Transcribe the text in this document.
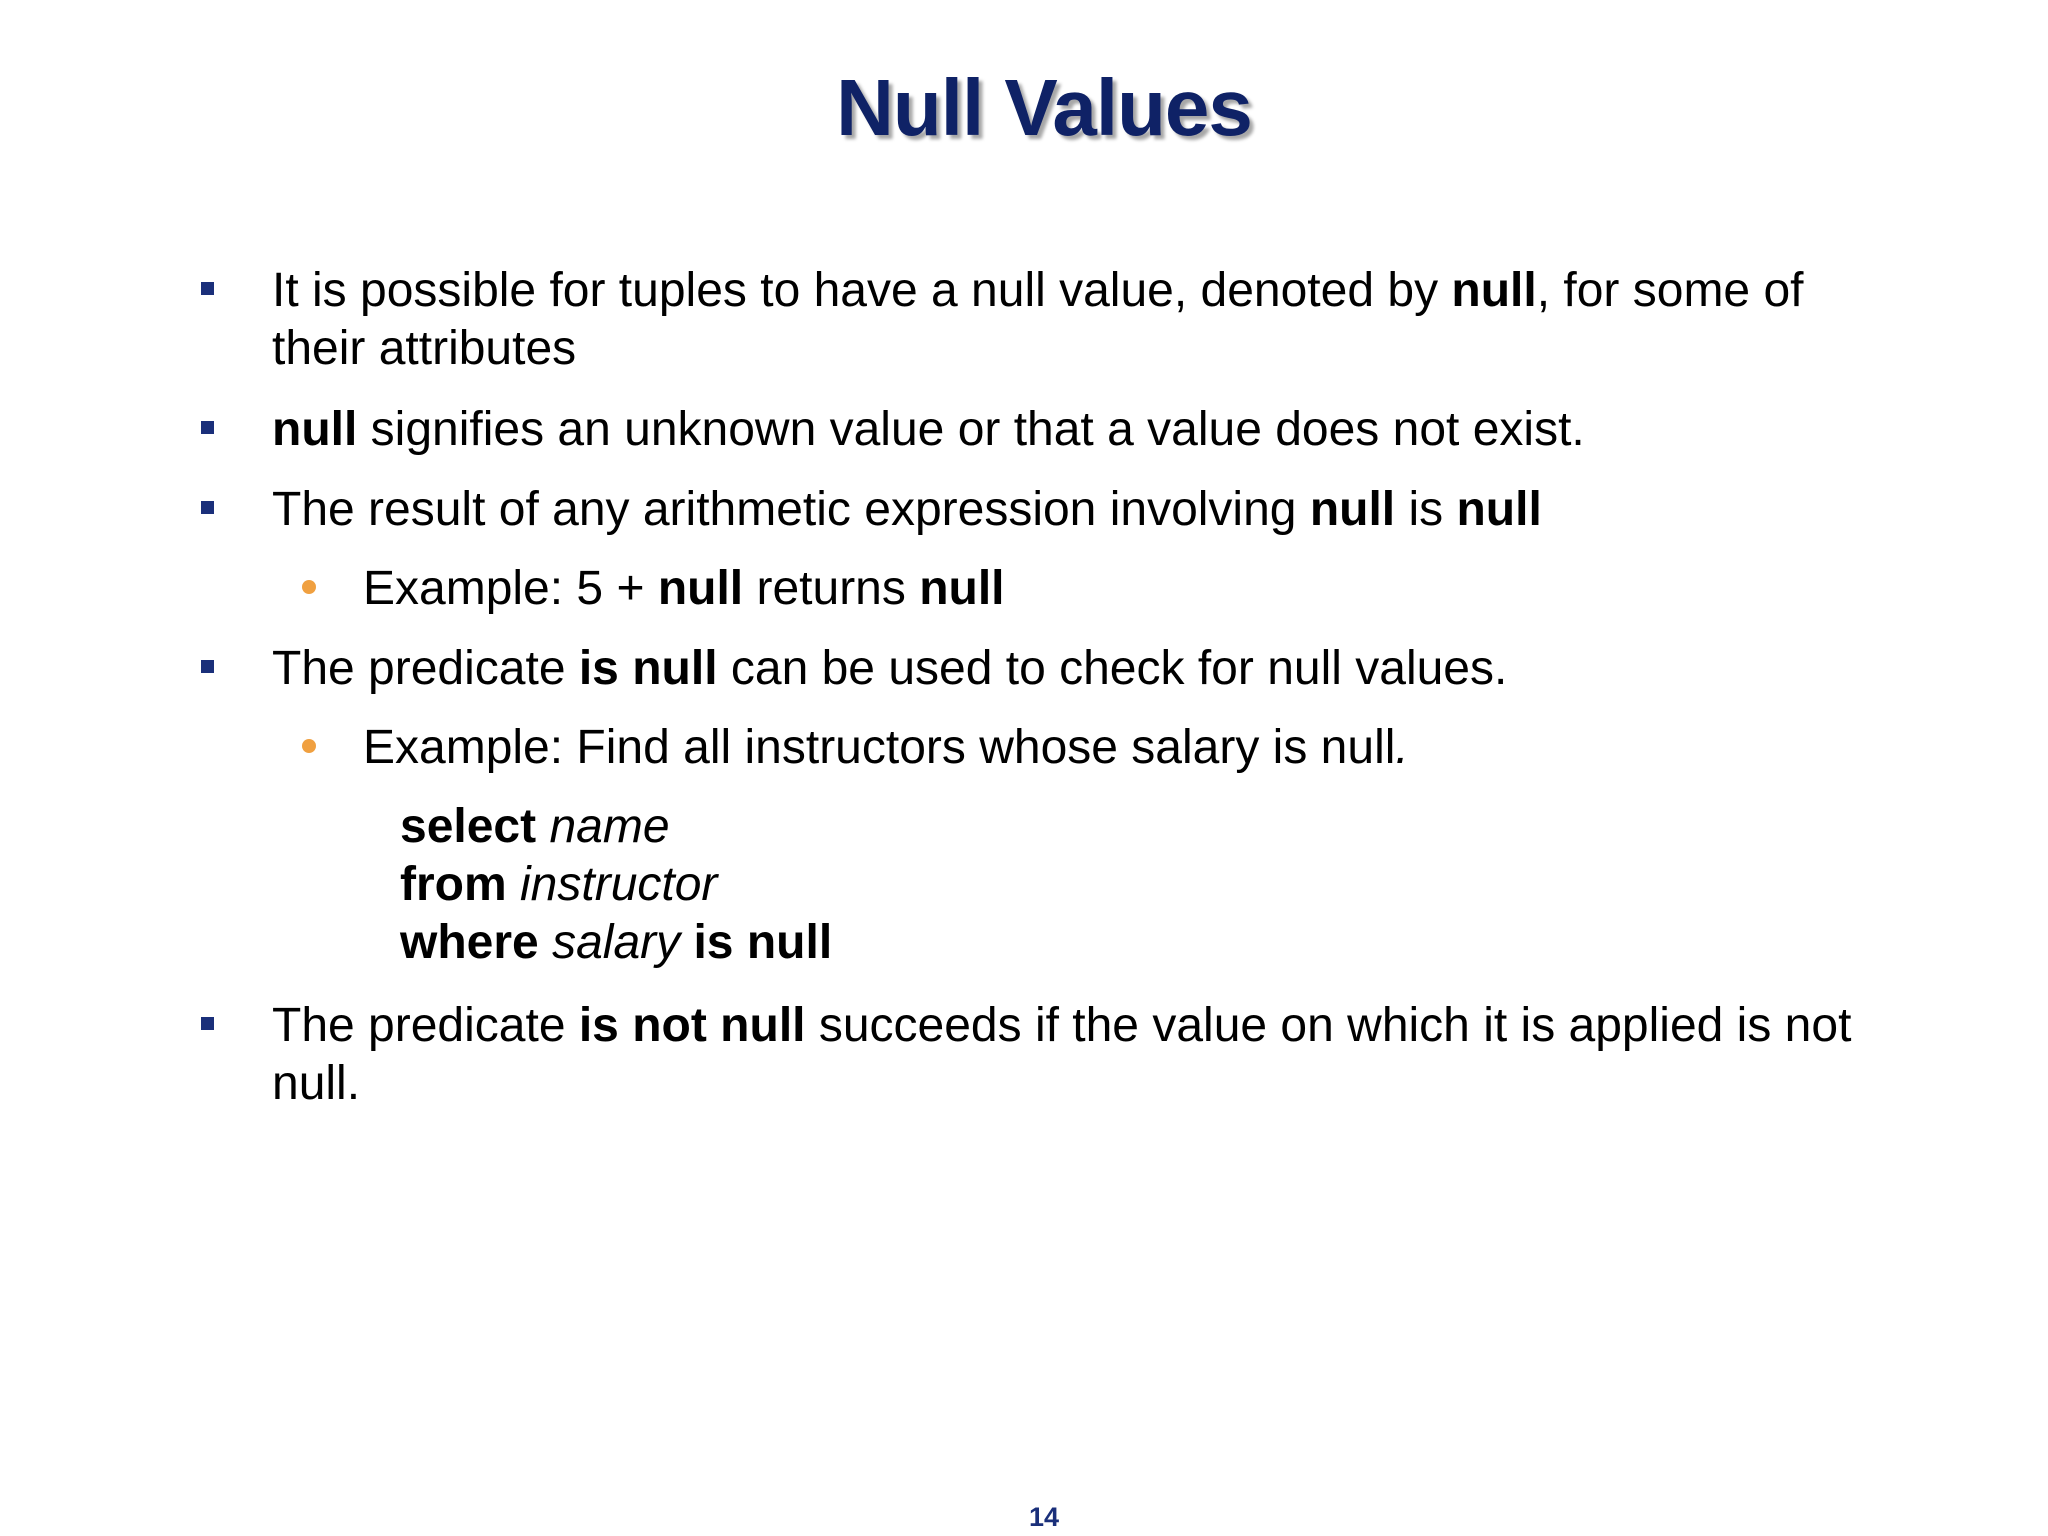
Null Values
It is possible for tuples to have a null value, denoted by null, for some of their attributes
null signifies an unknown value or that a value does not exist.
The result of any arithmetic expression involving null is null
Example: 5 + null returns null
The predicate is null can be used to check for null values.
Example: Find all instructors whose salary is null.
select name
from instructor
where salary is null
The predicate is not null succeeds if the value on which it is applied is not null.
14
